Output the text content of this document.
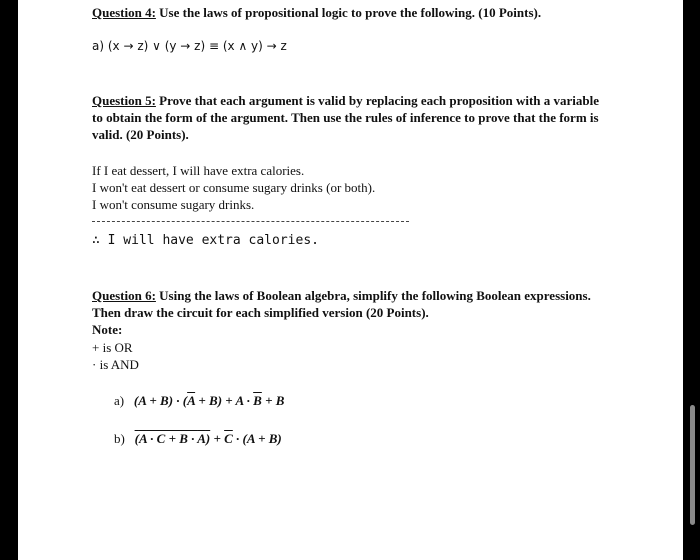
Question 4: Use the laws of propositional logic to prove the following. (10 Points).
a) (x → z) ∨ (y → z) ≡ (x ∧ y) → z
Question 5: Prove that each argument is valid by replacing each proposition with a variable
to obtain the form of the argument. Then use the rules of inference to prove that the form is
valid. (20 Points).
If I eat dessert, I will have extra calories.
I won't eat dessert or consume sugary drinks (or both).
I won't consume sugary drinks.
∴ I will have extra calories.
Question 6: Using the laws of Boolean algebra, simplify the following Boolean expressions.
Then draw the circuit for each simplified version (20 Points).
Note:
+ is OR
· is AND
a) $(A + B) \cdot (\overline{A} + B) + A \cdot \overline{B} + B$
b) $(A \cdot C + B \cdot A) + \overline{C} \cdot (A + B)$
